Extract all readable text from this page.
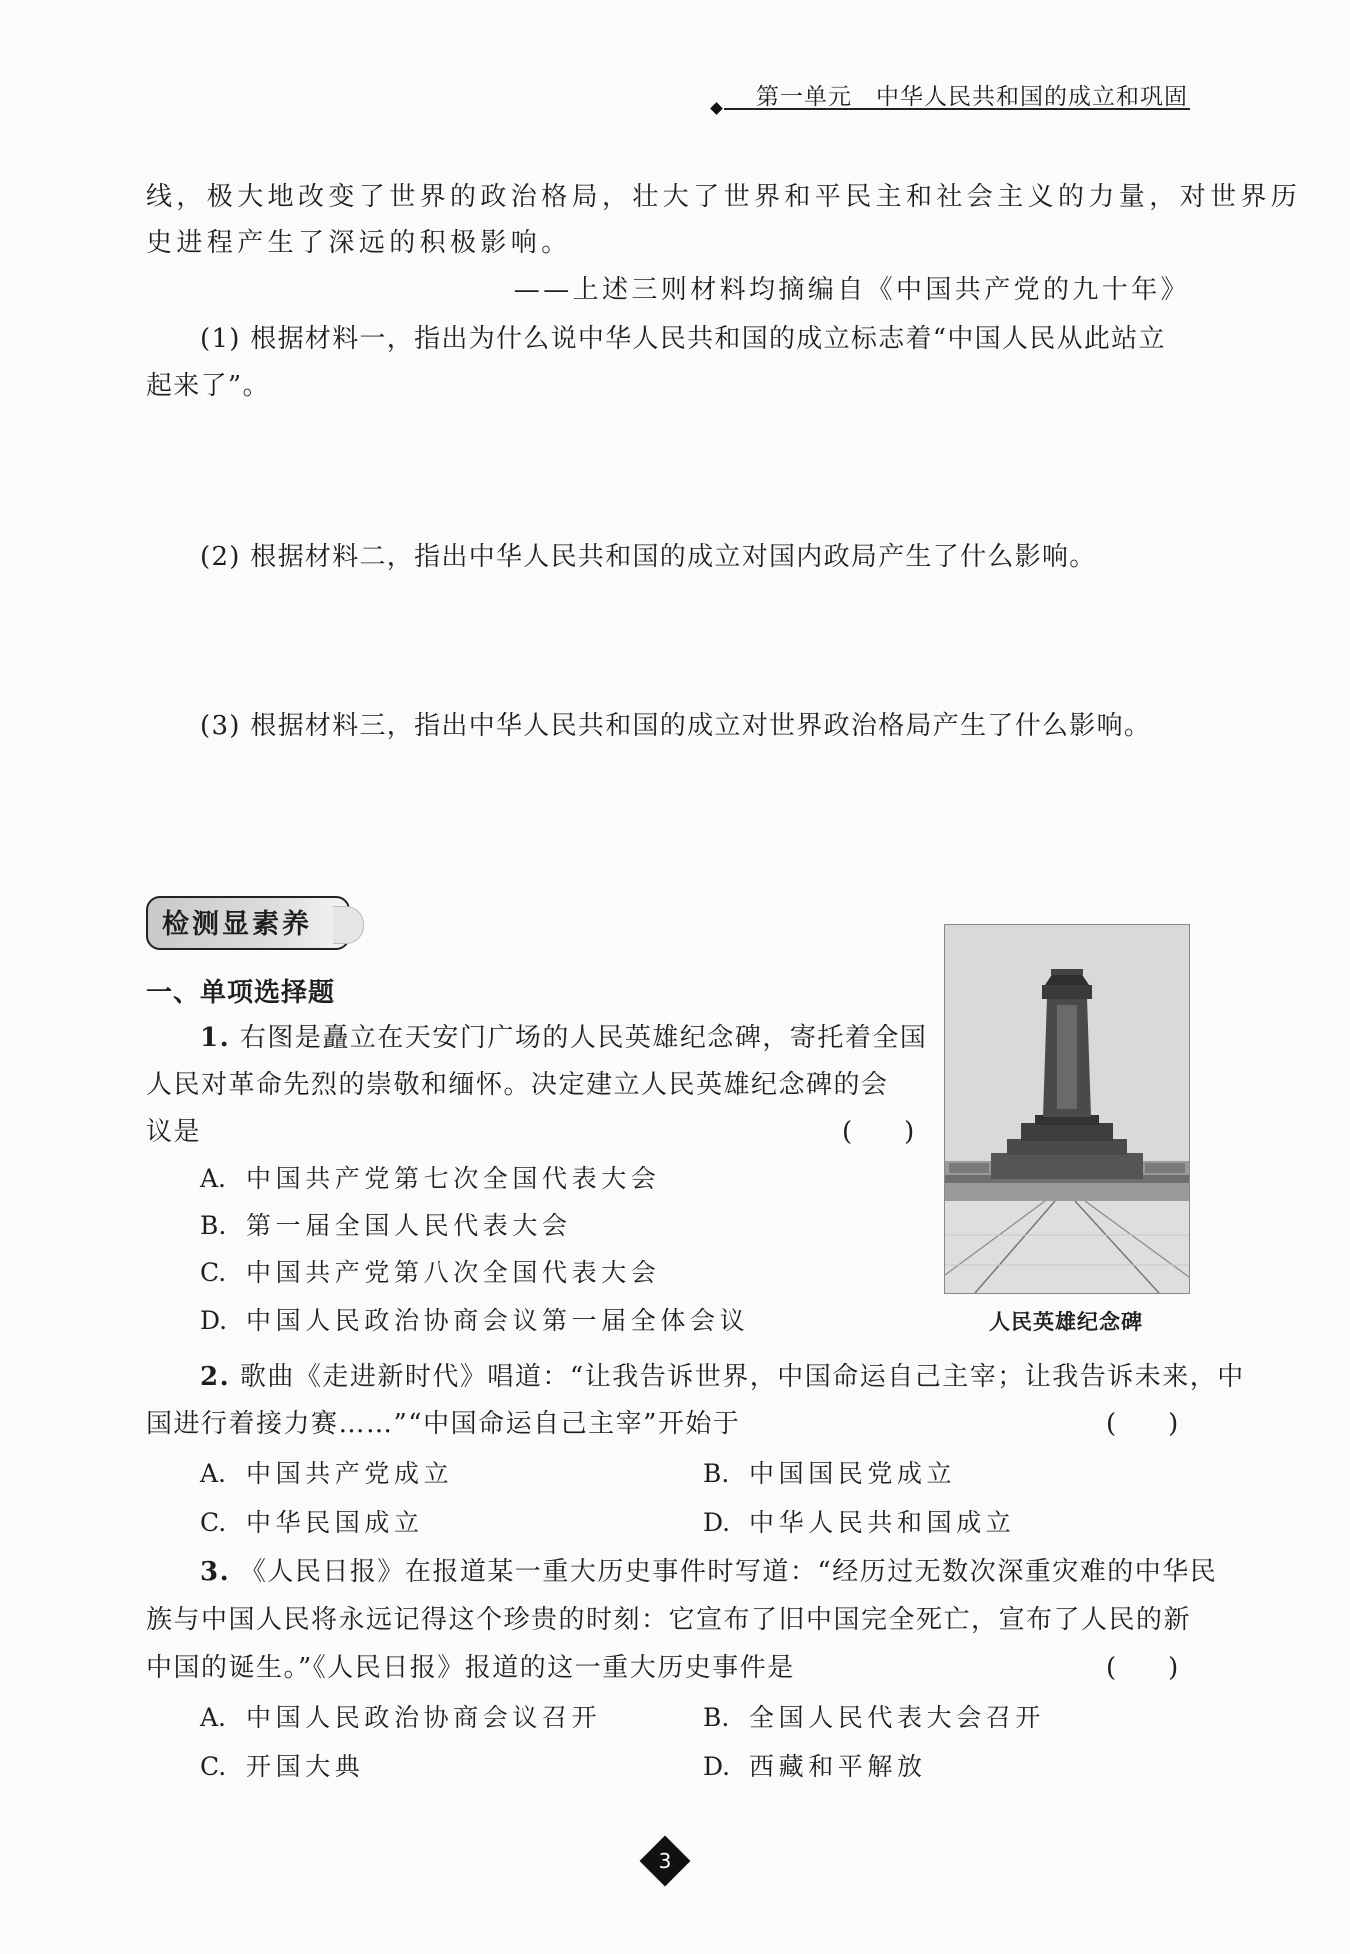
第一单元 中华人民共和国的成立和巩固
线，极大地改变了世界的政治格局，壮大了世界和平民主和社会主义的力量，对世界历
史进程产生了深远的积极影响。
——上述三则材料均摘编自《中国共产党的九十年》
(1) 根据材料一，指出为什么说中华人民共和国的成立标志着“中国人民从此站立
起来了”。
(2) 根据材料二，指出中华人民共和国的成立对国内政局产生了什么影响。
(3) 根据材料三，指出中华人民共和国的成立对世界政治格局产生了什么影响。
检测显素养
一、单项选择题
1. 右图是矗立在天安门广场的人民英雄纪念碑，寄托着全国
人民对革命先烈的崇敬和缅怀。决定建立人民英雄纪念碑的会
议是	(　　)
A. 中国共产党第七次全国代表大会
B. 第一届全国人民代表大会
C. 中国共产党第八次全国代表大会
D. 中国人民政治协商会议第一届全体会议	人民英雄纪念碑
2. 歌曲《走进新时代》唱道：“让我告诉世界，中国命运自己主宰；让我告诉未来，中
国进行着接力赛……”“中国命运自己主宰”开始于	(　　)
A. 中国共产党成立	B. 中国国民党成立
C. 中华民国成立	D. 中华人民共和国成立
3. 《人民日报》在报道某一重大历史事件时写道：“经历过无数次深重灾难的中华民
族与中国人民将永远记得这个珍贵的时刻：它宣布了旧中国完全死亡，宣布了人民的新
中国的诞生。”《人民日报》报道的这一重大历史事件是	(　　)
A. 中国人民政治协商会议召开	B. 全国人民代表大会召开
C. 开国大典	D. 西藏和平解放
3
